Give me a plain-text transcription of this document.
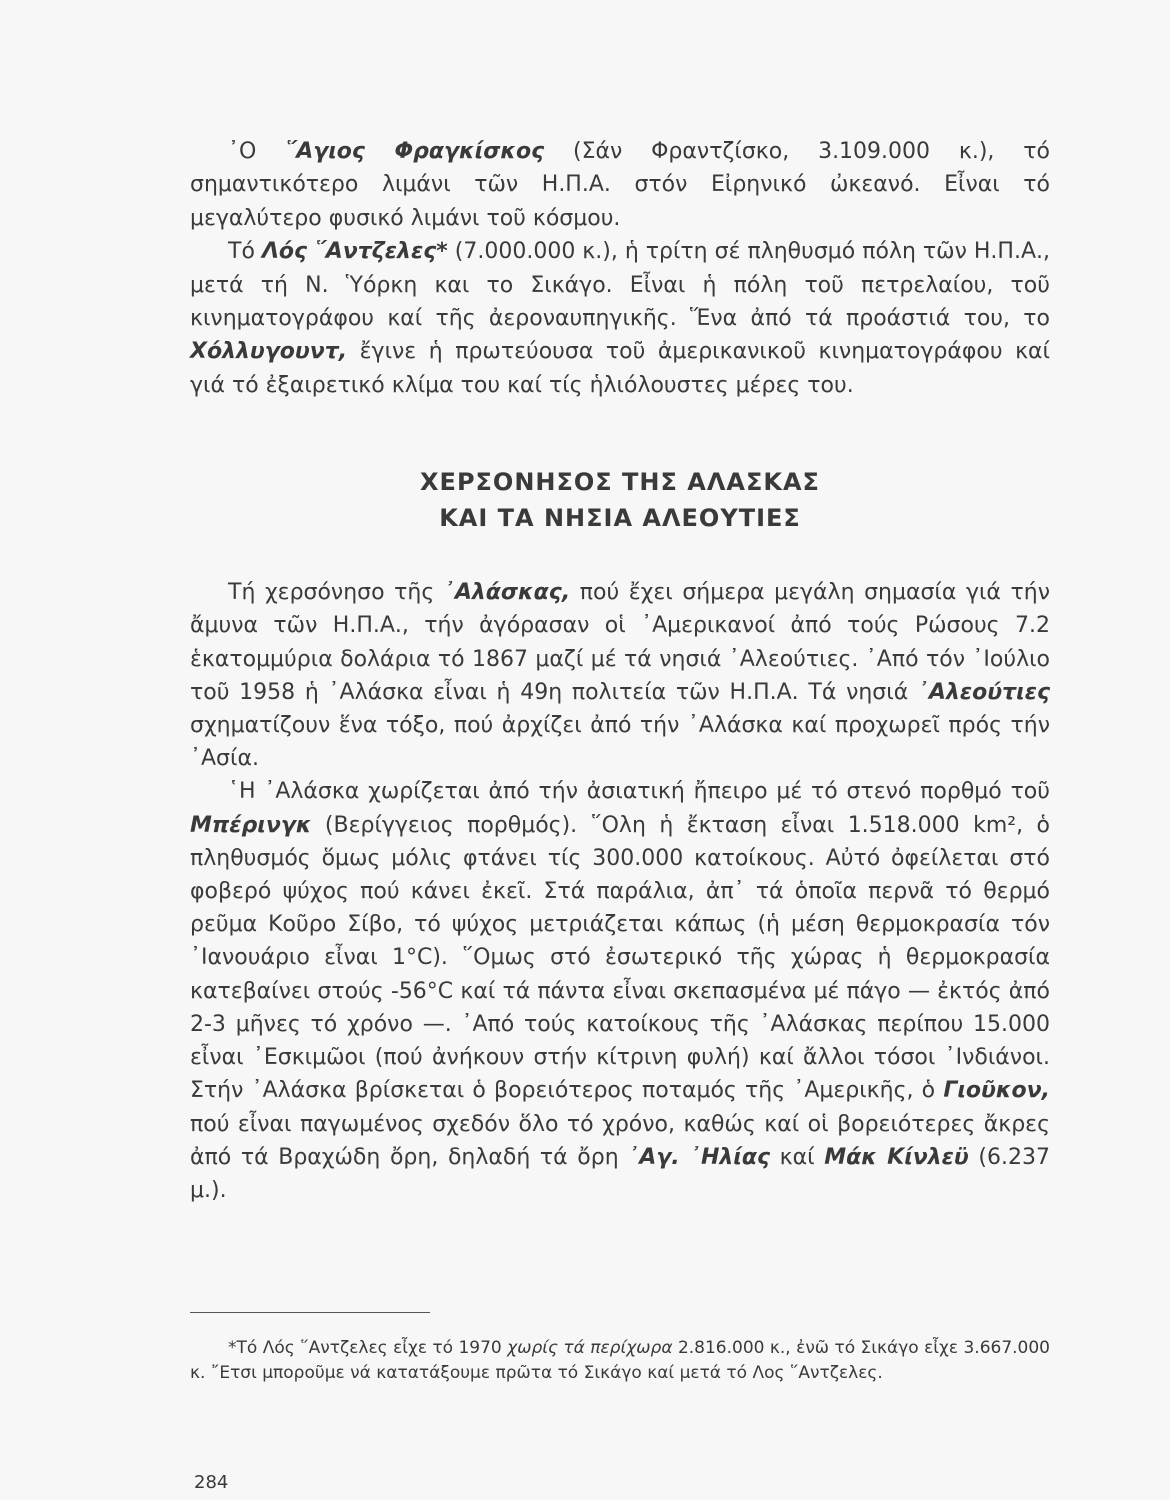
᾿Ο ῞Αγιος Φραγκίσκος (Σάν Φραντζίσκο, 3.109.000 κ.), τό σημαντικότερο λιμάνι τῶν Η.Π.Α. στόν Εἰρηνικό ὠκεανό. Εἶναι τό μεγαλύτερο φυσικό λιμάνι τοῦ κόσμου.

Τό Λός ῞Αντζελες* (7.000.000 κ.), ἡ τρίτη σέ πληθυσμό πόλη τῶν Η.Π.Α., μετά τή Ν. Ὑόρκη και το Σικάγο. Εἶναι ἡ πόλη τοῦ πετρελαίου, τοῦ κινηματογράφου καί τῆς ἀεροναυπηγικῆς. Ἕνα ἀπό τά προάστιά του, το Χόλλυγουντ, ἔγινε ἡ πρωτεύουσα τοῦ ἀμερικανικοῦ κινηματογράφου καί γιά τό ἐξαιρετικό κλίμα του καί τίς ἡλιόλουστες μέρες του.

ΧΕΡΣΟΝΗΣΟΣ ΤΗΣ ΑΛΑΣΚΑΣ
ΚΑΙ ΤΑ ΝΗΣΙΑ ΑΛΕΟΥΤΙΕΣ

Τή χερσόνησο τῆς ᾽Αλάσκας, πού ἔχει σήμερα μεγάλη σημασία γιά τήν ἄμυνα τῶν Η.Π.Α., τήν ἀγόρασαν οἱ ᾽Αμερικανοί ἀπό τούς Ρώσους 7.2 ἑκατομμύρια δολάρια τό 1867 μαζί μέ τά νησιά ᾽Αλεούτιες. ᾽Από τόν ᾽Ιούλιο τοῦ 1958 ἡ ᾽Αλάσκα εἶναι ἡ 49η πολιτεία τῶν Η.Π.Α. Τά νησιά ᾽Αλεούτιες σχηματίζουν ἕνα τόξο, πού ἀρχίζει ἀπό τήν ᾽Αλάσκα καί προχωρεῖ πρός τήν ᾽Ασία.

῾Η ᾽Αλάσκα χωρίζεται ἀπό τήν ἀσιατική ἤπειρο μέ τό στενό πορθμό τοῦ Μπέρινγκ (Βερίγγειος πορθμός). ῞Ολη ἡ ἔκταση εἶναι 1.518.000 km², ὁ πληθυσμός ὅμως μόλις φτάνει τίς 300.000 κατοίκους. Αὐτό ὀφείλεται στό φοβερό ψύχος πού κάνει ἐκεῖ. Στά παράλια, ἀπ᾽ τά ὁποῖα περνᾶ τό θερμό ρεῦμα Κοῦρο Σίβο, τό ψύχος μετριάζεται κάπως (ἡ μέση θερμοκρασία τόν ᾽Ιανουάριο εἶναι 1°C). ῞Ομως στό ἐσωτερικό τῆς χώρας ἡ θερμοκρασία κατεβαίνει στούς -56°C καί τά πάντα εἶναι σκεπασμένα μέ πάγο — ἐκτός ἀπό 2-3 μῆνες τό χρόνο —. ᾽Από τούς κατοίκους τῆς ᾽Αλάσκας περίπου 15.000 εἶναι ᾽Εσκιμῶοι (πού ἀνήκουν στήν κίτρινη φυλή) καί ἄλλοι τόσοι ᾽Ινδιάνοι. Στήν ᾽Αλάσκα βρίσκεται ὁ βορειότερος ποταμός τῆς ᾽Αμερικῆς, ὁ Γιοῦκον, πού εἶναι παγωμένος σχεδόν ὅλο τό χρόνο, καθώς καί οἱ βορειότερες ἄκρες ἀπό τά Βραχώδη ὄρη, δηλαδή τά ὄρη ᾽Αγ. ᾽Ηλίας καί Μάκ Κίνλεϋ (6.237 μ.).

*Τό Λός ῞Αντζελες εἶχε τό 1970 χωρίς τά περίχωρα 2.816.000 κ., ἐνῶ τό Σικάγο εἶχε 3.667.000 κ. ῎Ετσι μποροῦμε νά κατατάξουμε πρῶτα τό Σικάγο καί μετά τό Λος ῞Αντζελες.

284
